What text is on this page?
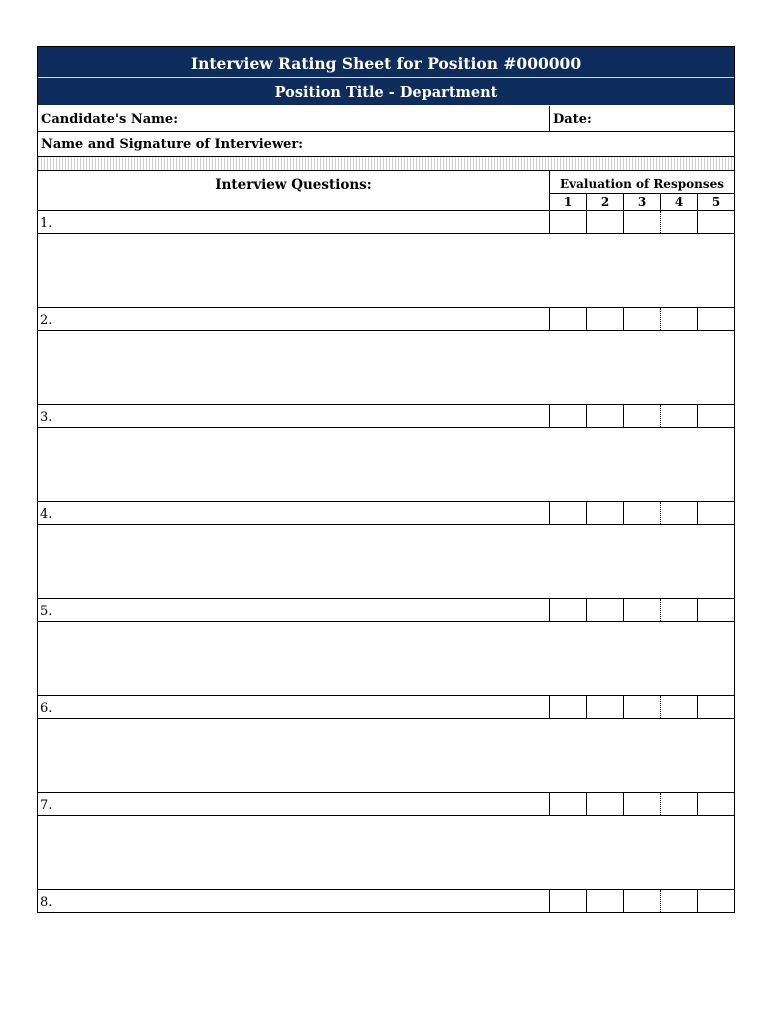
Interview Rating Sheet for Position #000000
Position Title - Department
Candidate's Name:	Date:
Name and Signature of Interviewer:
Interview Questions:	Evaluation of Responses
1	2	3	4	5
1.
2.
3.
4.
5.
6.
7.
8.
